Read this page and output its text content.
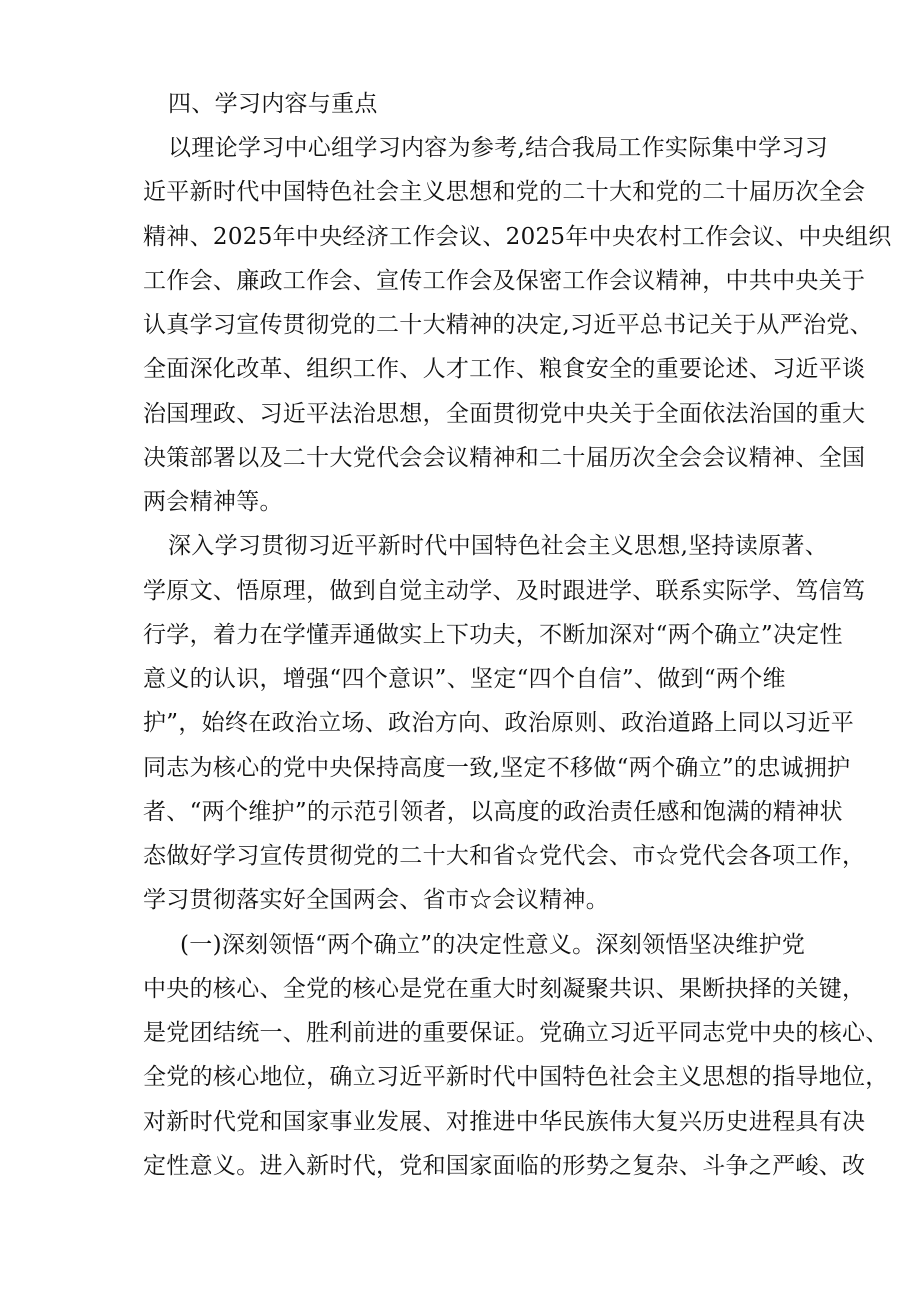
四、学习内容与重点
以理论学习中心组学习内容为参考,结合我局工作实际集中学习习
近平新时代中国特色社会主义思想和党的二十大和党的二十届历次全会
精神、2025年中央经济工作会议、2025年中央农村工作会议、中央组织
工作会、廉政工作会、宣传工作会及保密工作会议精神，中共中央关于
认真学习宣传贯彻党的二十大精神的决定,习近平总书记关于从严治党、
全面深化改革、组织工作、人才工作、粮食安全的重要论述、习近平谈
治国理政、习近平法治思想，全面贯彻党中央关于全面依法治国的重大
决策部署以及二十大党代会会议精神和二十届历次全会会议精神、全国
两会精神等。
深入学习贯彻习近平新时代中国特色社会主义思想,坚持读原著、
学原文、悟原理，做到自觉主动学、及时跟进学、联系实际学、笃信笃
行学，着力在学懂弄通做实上下功夫，不断加深对“两个确立”决定性
意义的认识，增强“四个意识”、坚定“四个自信”、做到“两个维
护”，始终在政治立场、政治方向、政治原则、政治道路上同以习近平
同志为核心的党中央保持高度一致,坚定不移做“两个确立”的忠诚拥护
者、“两个维护”的示范引领者，以高度的政治责任感和饱满的精神状
态做好学习宣传贯彻党的二十大和省☆党代会、市☆党代会各项工作，
学习贯彻落实好全国两会、省市☆会议精神。
(一)深刻领悟“两个确立”的决定性意义。深刻领悟坚决维护党
中央的核心、全党的核心是党在重大时刻凝聚共识、果断抉择的关键，
是党团结统一、胜利前进的重要保证。党确立习近平同志党中央的核心、
全党的核心地位，确立习近平新时代中国特色社会主义思想的指导地位，
对新时代党和国家事业发展、对推进中华民族伟大复兴历史进程具有决
定性意义。进入新时代，党和国家面临的形势之复杂、斗争之严峻、改
